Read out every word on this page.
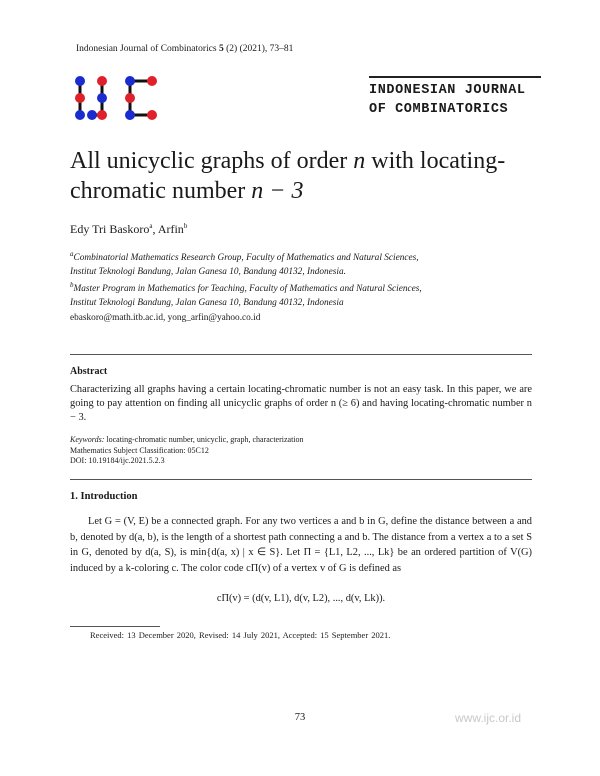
Indonesian Journal of Combinatorics 5 (2) (2021), 73–81
INDONESIAN JOURNAL
OF COMBINATORICS
All unicyclic graphs of order n with locating-chromatic number n − 3
Edy Tri Baskoro$^a$, Arfin$^b$

$^a$Combinatorial Mathematics Research Group, Faculty of Mathematics and Natural Sciences,

Institut Teknologi Bandung, Jalan Ganesa 10, Bandung 40132, Indonesia.

$^b$Master Program in Mathematics for Teaching, Faculty of Mathematics and Natural Sciences,

Institut Teknologi Bandung, Jalan Ganesa 10, Bandung 40132, Indonesia

ebaskoro@math.itb.ac.id, yong_arfin@yahoo.co.id
Abstract
Characterizing all graphs having a certain locating-chromatic number is not an easy task. In this paper, we are going to pay attention on finding all unicyclic graphs of order n (≥ 6) and having locating-chromatic number n − 3.

Keywords: locating-chromatic number, unicyclic, graph, characterization

Mathematics Subject Classification: 05C12

DOI: 10.19184/ijc.2021.5.2.3

1. Introduction

Let G = (V, E) be a connected graph. For any two vertices a and b in G, define the distance between a and b, denoted by d(a, b), is the length of a shortest path connecting a and b. The distance from a vertex a to a set S in G, denoted by d(a, S), is min{d(a, x) | x ∈ S}. Let Π = {L1, L2, ..., Lk} be an ordered partition of V(G) induced by a k-coloring c. The color code cΠ(v) of a vertex v of G is defined as

cΠ(v) = (d(v, L1), d(v, L2), ..., d(v, Lk)).
Received: 13 December 2020, Revised: 14 July 2021, Accepted: 15 September 2021.
73	www.ijc.or.id
